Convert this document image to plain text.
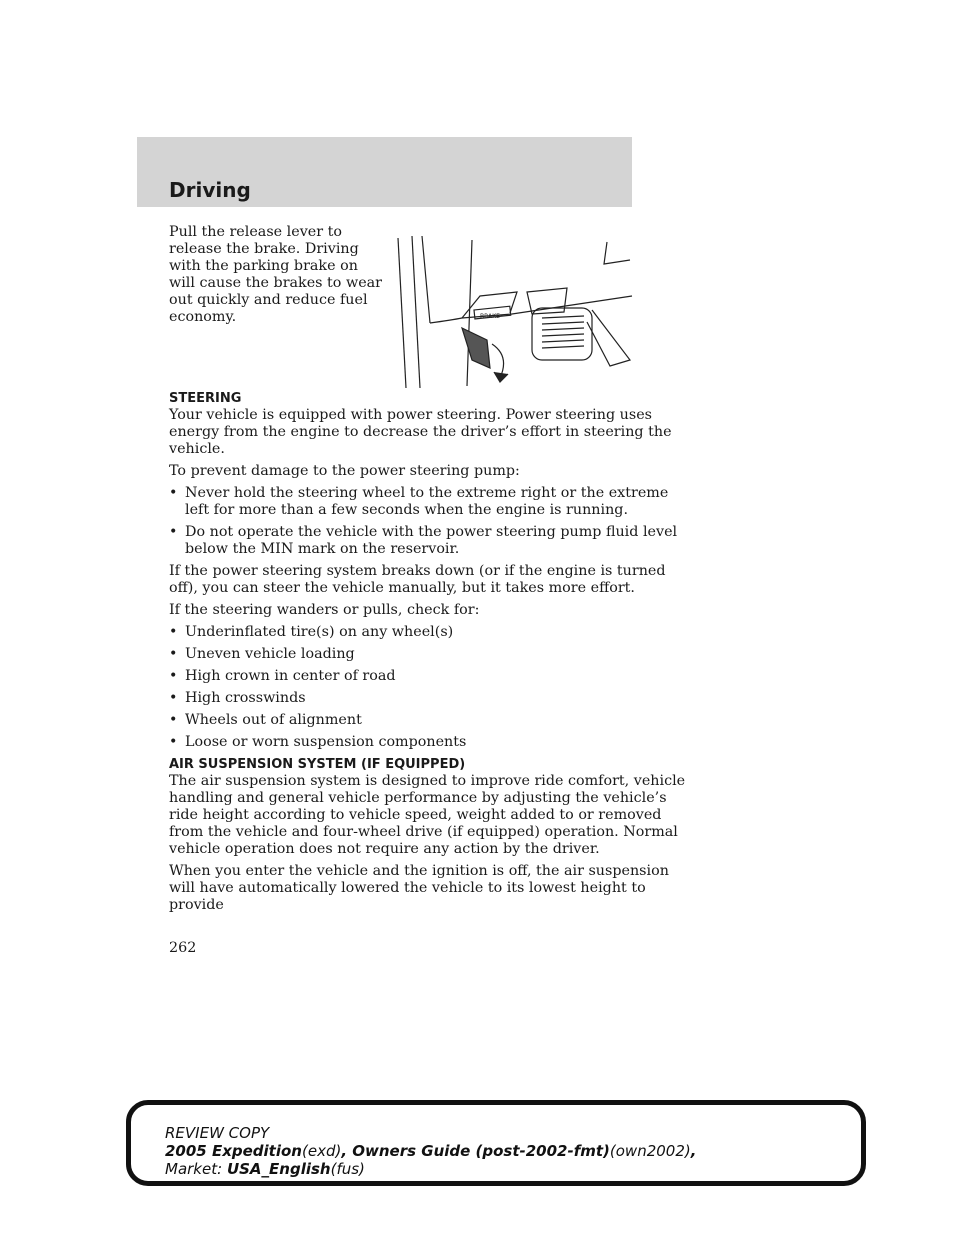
Driving

Pull the release lever to release the brake. Driving with the parking brake on will cause the brakes to wear out quickly and reduce fuel economy.	BRAKE
STEERING

Your vehicle is equipped with power steering. Power steering uses energy from the engine to decrease the driver’s effort in steering the vehicle.

To prevent damage to the power steering pump:

• Never hold the steering wheel to the extreme right or the extreme left for more than a few seconds when the engine is running.
• Do not operate the vehicle with the power steering pump fluid level below the MIN mark on the reservoir.

If the power steering system breaks down (or if the engine is turned off), you can steer the vehicle manually, but it takes more effort.

If the steering wanders or pulls, check for:

• Underinflated tire(s) on any wheel(s)
• Uneven vehicle loading
• High crown in center of road
• High crosswinds
• Wheels out of alignment
• Loose or worn suspension components
AIR SUSPENSION SYSTEM (IF EQUIPPED)

The air suspension system is designed to improve ride comfort, vehicle handling and general vehicle performance by adjusting the vehicle’s ride height according to vehicle speed, weight added to or removed from the vehicle and four-wheel drive (if equipped) operation. Normal vehicle operation does not require any action by the driver.

When you enter the vehicle and the ignition is off, the air suspension will have automatically lowered the vehicle to its lowest height to provide

262
REVIEW COPY
2005 Expedition(exd), Owners Guide (post-2002-fmt)(own2002),
Market: USA_English(fus)
